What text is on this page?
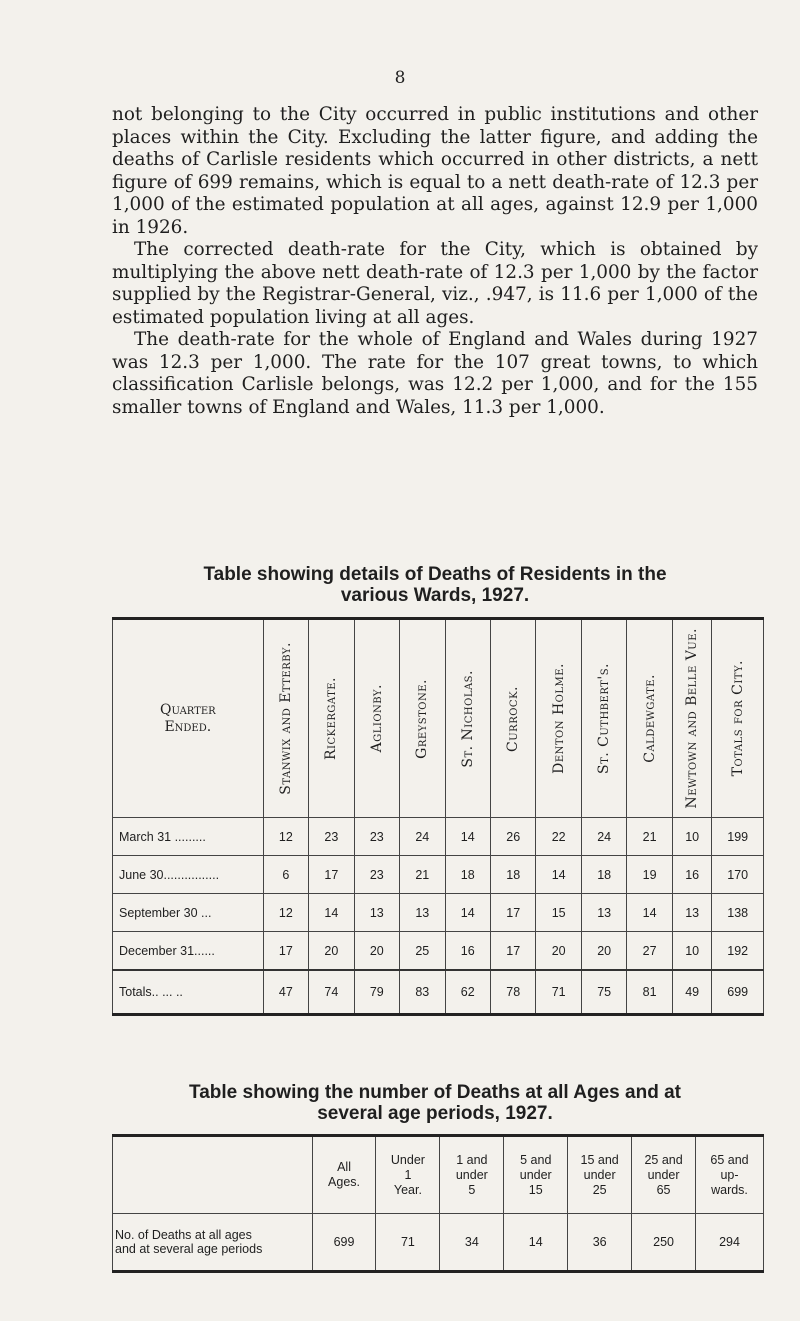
8

not belonging to the City occurred in public institutions and other places within the City. Excluding the latter figure, and adding the deaths of Carlisle residents which occurred in other districts, a nett figure of 699 remains, which is equal to a nett death-rate of 12.3 per 1,000 of the estimated population at all ages, against 12.9 per 1,000 in 1926.

The corrected death-rate for the City, which is obtained by multiplying the above nett death-rate of 12.3 per 1,000 by the factor supplied by the Registrar-General, viz., .947, is 11.6 per 1,000 of the estimated population living at all ages.

The death-rate for the whole of England and Wales during 1927 was 12.3 per 1,000. The rate for the 107 great towns, to which classification Carlisle belongs, was 12.2 per 1,000, and for the 155 smaller towns of England and Wales, 11.3 per 1,000.

Table showing details of Deaths of Residents in the
various Wards, 1927.
Quarter
Ended.	Stanwix and Etterby.	Rickergate.	Aglionby.	Greystone.	St. Nicholas.	Currock.	Denton Holme.	St. Cuthbert's.	Caldewgate.	Newtown and Belle Vue.	Totals for City.

March 31 .........	12	23	23	24	14	26	22	24	21	10	199
June 30................	6	17	23	21	18	18	14	18	19	16	170
September 30 ...	12	14	13	13	14	17	15	13	14	13	138
December 31......	17	20	20	25	16	17	20	20	27	10	192
Totals.. ... ..	47	74	79	83	62	78	71	75	81	49	699
Table showing the number of Deaths at all Ages and at
several age periods, 1927.

	All
Ages.	Under
1
Year.	1 and
under
5	5 and
under
15	15 and
under
25	25 and
under
65	65 and
up-
wards.

No. of Deaths at all ages
and at several age periods	699	71	34	14	36	250	294
